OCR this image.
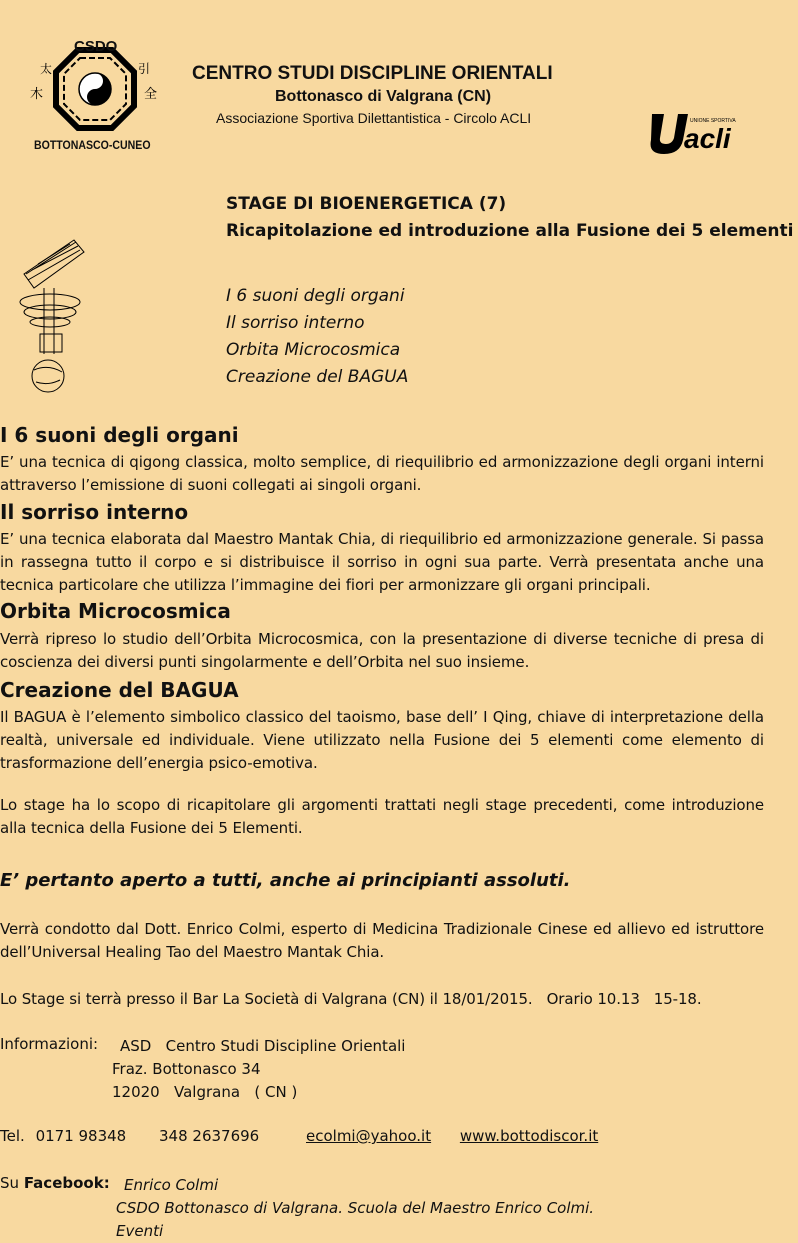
木	全
太	引
CSDO
BOTTONASCO-CUNEO
CENTRO STUDI DISCIPLINE ORIENTALI
Bottonasco di Valgrana (CN)
Associazione Sportiva Dilettantistica - Circolo ACLI
acli
UNIONE SPORTIVA
STAGE DI BIOENERGETICA (7)
Ricapitolazione ed introduzione alla Fusione dei 5 elementi
I 6 suoni degli organi
Il sorriso interno
Orbita Microcosmica
Creazione del BAGUA
I 6 suoni degli organi
E’ una tecnica di qigong classica, molto semplice, di riequilibrio ed armonizzazione degli organi interni attraverso l’emissione di suoni collegati ai singoli organi.
Il sorriso interno
E’ una tecnica elaborata dal Maestro Mantak Chia, di riequilibrio ed armonizzazione generale. Si passa in rassegna tutto il corpo e si distribuisce il sorriso in ogni sua parte. Verrà presentata anche una tecnica particolare che utilizza l’immagine dei fiori per armonizzare gli organi principali.
Orbita Microcosmica
Verrà ripreso lo studio dell’Orbita Microcosmica, con la presentazione di diverse tecniche di presa di coscienza dei diversi punti singolarmente e dell’Orbita nel suo insieme.
Creazione del BAGUA
Il BAGUA è l’elemento simbolico classico del taoismo, base dell’ I Qing, chiave di interpretazione della realtà, universale ed individuale. Viene utilizzato nella Fusione dei 5 elementi come elemento di trasformazione dell’energia psico-emotiva.
Lo stage ha lo scopo di ricapitolare gli argomenti trattati negli stage precedenti, come introduzione alla tecnica della Fusione dei 5 Elementi.
E’ pertanto aperto a tutti, anche ai principianti assoluti.
Verrà condotto dal Dott. Enrico Colmi, esperto di Medicina Tradizionale Cinese ed allievo ed istruttore dell’Universal Healing Tao del Maestro Mantak Chia.
Lo Stage si terrà presso il Bar La Società di Valgrana (CN) il 18/01/2015.   Orario 10.13   15-18.
Informazioni:	ASD   Centro Studi Discipline Orientali
Fraz. Bottonasco 34
12020   Valgrana   ( CN )
Tel. 0171 98348 348 2637696	ecolmi@yahoo.it www.bottodiscor.it
Su Facebook: Enrico Colmi
CSDO Bottonasco di Valgrana. Scuola del Maestro Enrico Colmi.
Eventi
